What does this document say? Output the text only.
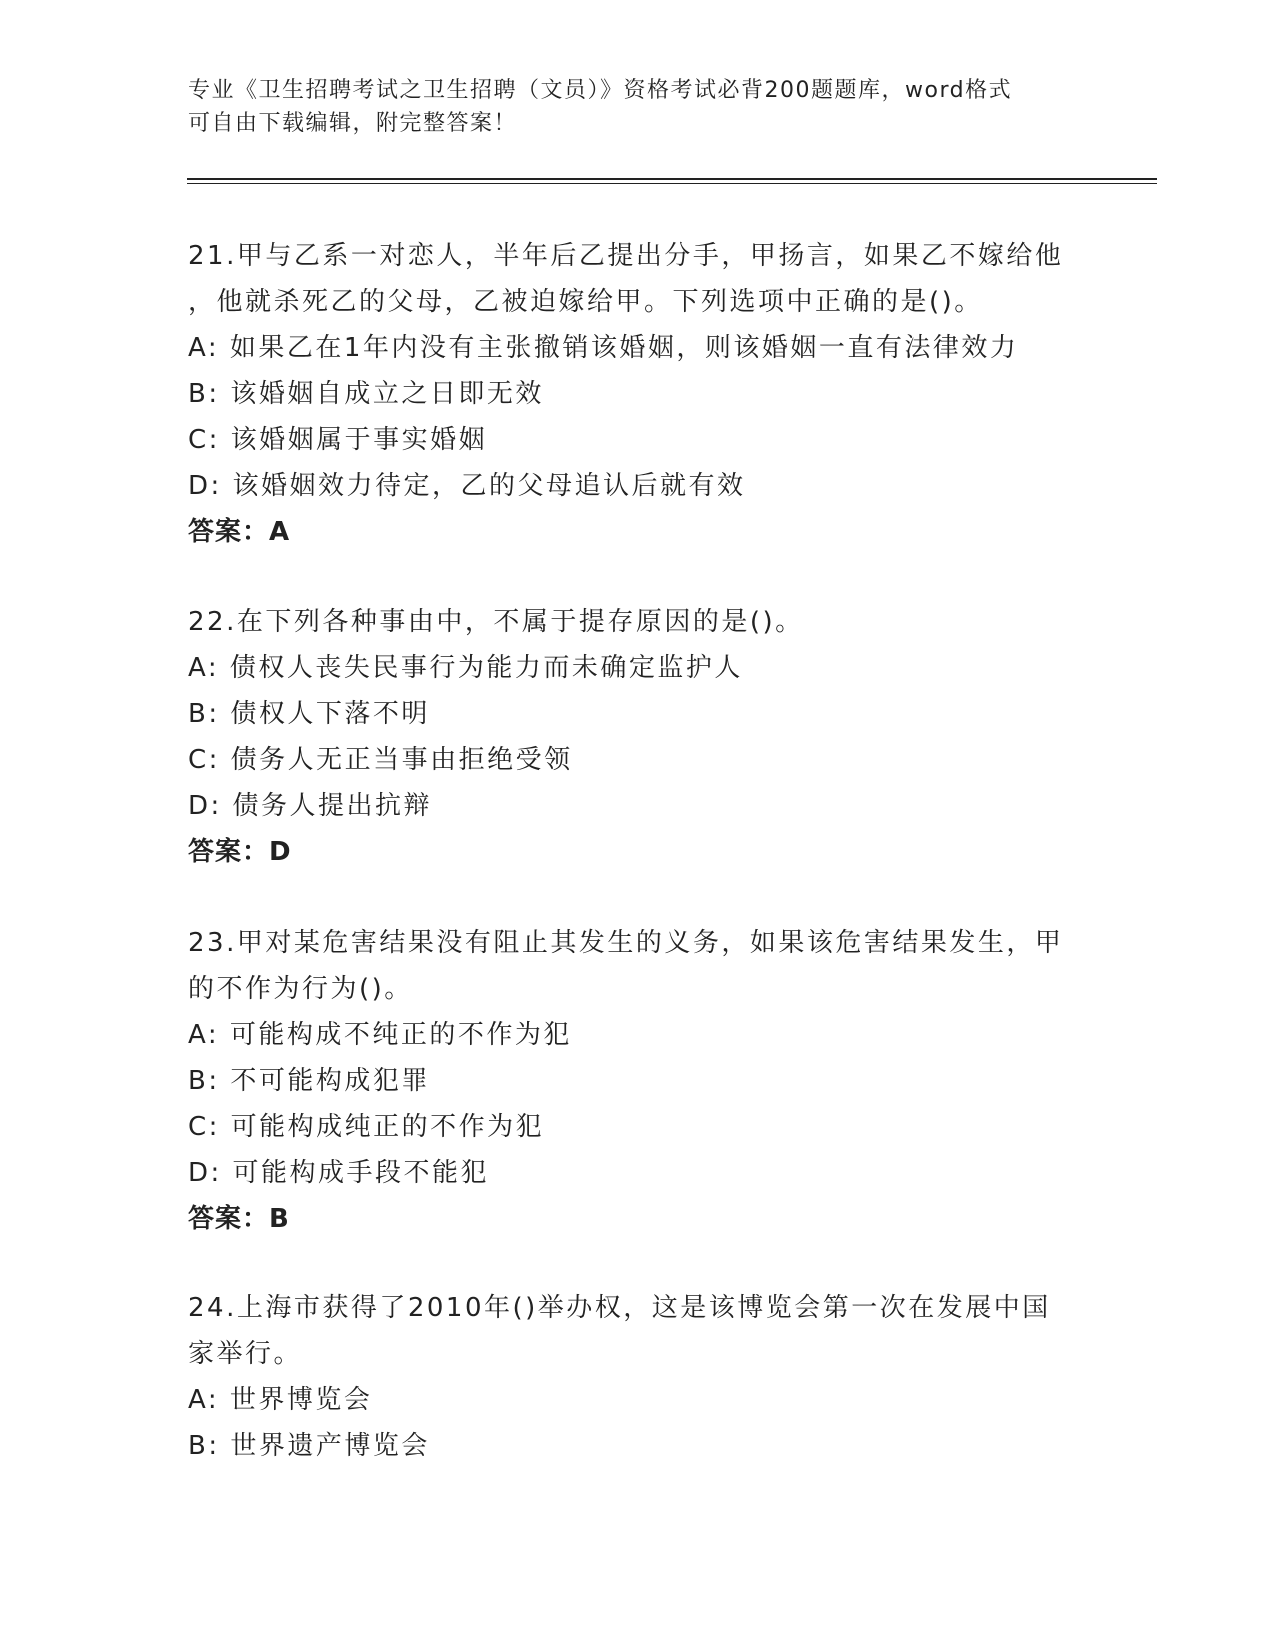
专业《卫生招聘考试之卫生招聘（文员）》资格考试必背200题题库，word格式
可自由下载编辑，附完整答案！
21.甲与乙系一对恋人，半年后乙提出分手，甲扬言，如果乙不嫁给他
，他就杀死乙的父母，乙被迫嫁给甲。下列选项中正确的是()。
A: 如果乙在1年内没有主张撤销该婚姻，则该婚姻一直有法律效力
B: 该婚姻自成立之日即无效
C: 该婚姻属于事实婚姻
D: 该婚姻效力待定，乙的父母追认后就有效
答案：A
22.在下列各种事由中，不属于提存原因的是()。
A: 债权人丧失民事行为能力而未确定监护人
B: 债权人下落不明
C: 债务人无正当事由拒绝受领
D: 债务人提出抗辩
答案：D
23.甲对某危害结果没有阻止其发生的义务，如果该危害结果发生，甲
的不作为行为()。
A: 可能构成不纯正的不作为犯
B: 不可能构成犯罪
C: 可能构成纯正的不作为犯
D: 可能构成手段不能犯
答案：B
24.上海市获得了2010年()举办权，这是该博览会第一次在发展中国
家举行。
A: 世界博览会
B: 世界遗产博览会
